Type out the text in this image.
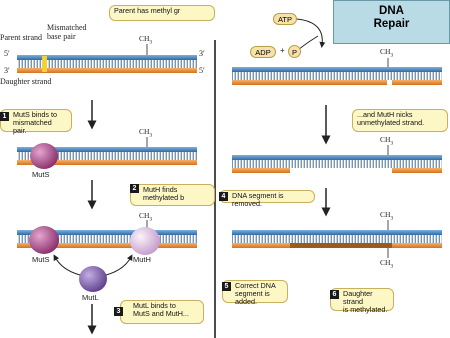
DNA
Repair
Parent strand
Daughter strand
Mismatched
base pair
5′	3′
3′	5′
$CH_3$
$CH_3$
$CH_3$
Parent has methyl gr
MutS binds to
mismatched pair.
1
MutH finds
methylated b
2
MutL binds to
MutS and MutH...
3
MutS
MutS	MutH
MutL
ATP
ADP	+ P	$CH_3$
$CH_3$
$CH_3$
$CH_3$
...and MutH nicks
unmethylated strand.
DNA segment is removed.
4
Correct DNA
segment is added.
5
Daughter strand
is methylated.
6
